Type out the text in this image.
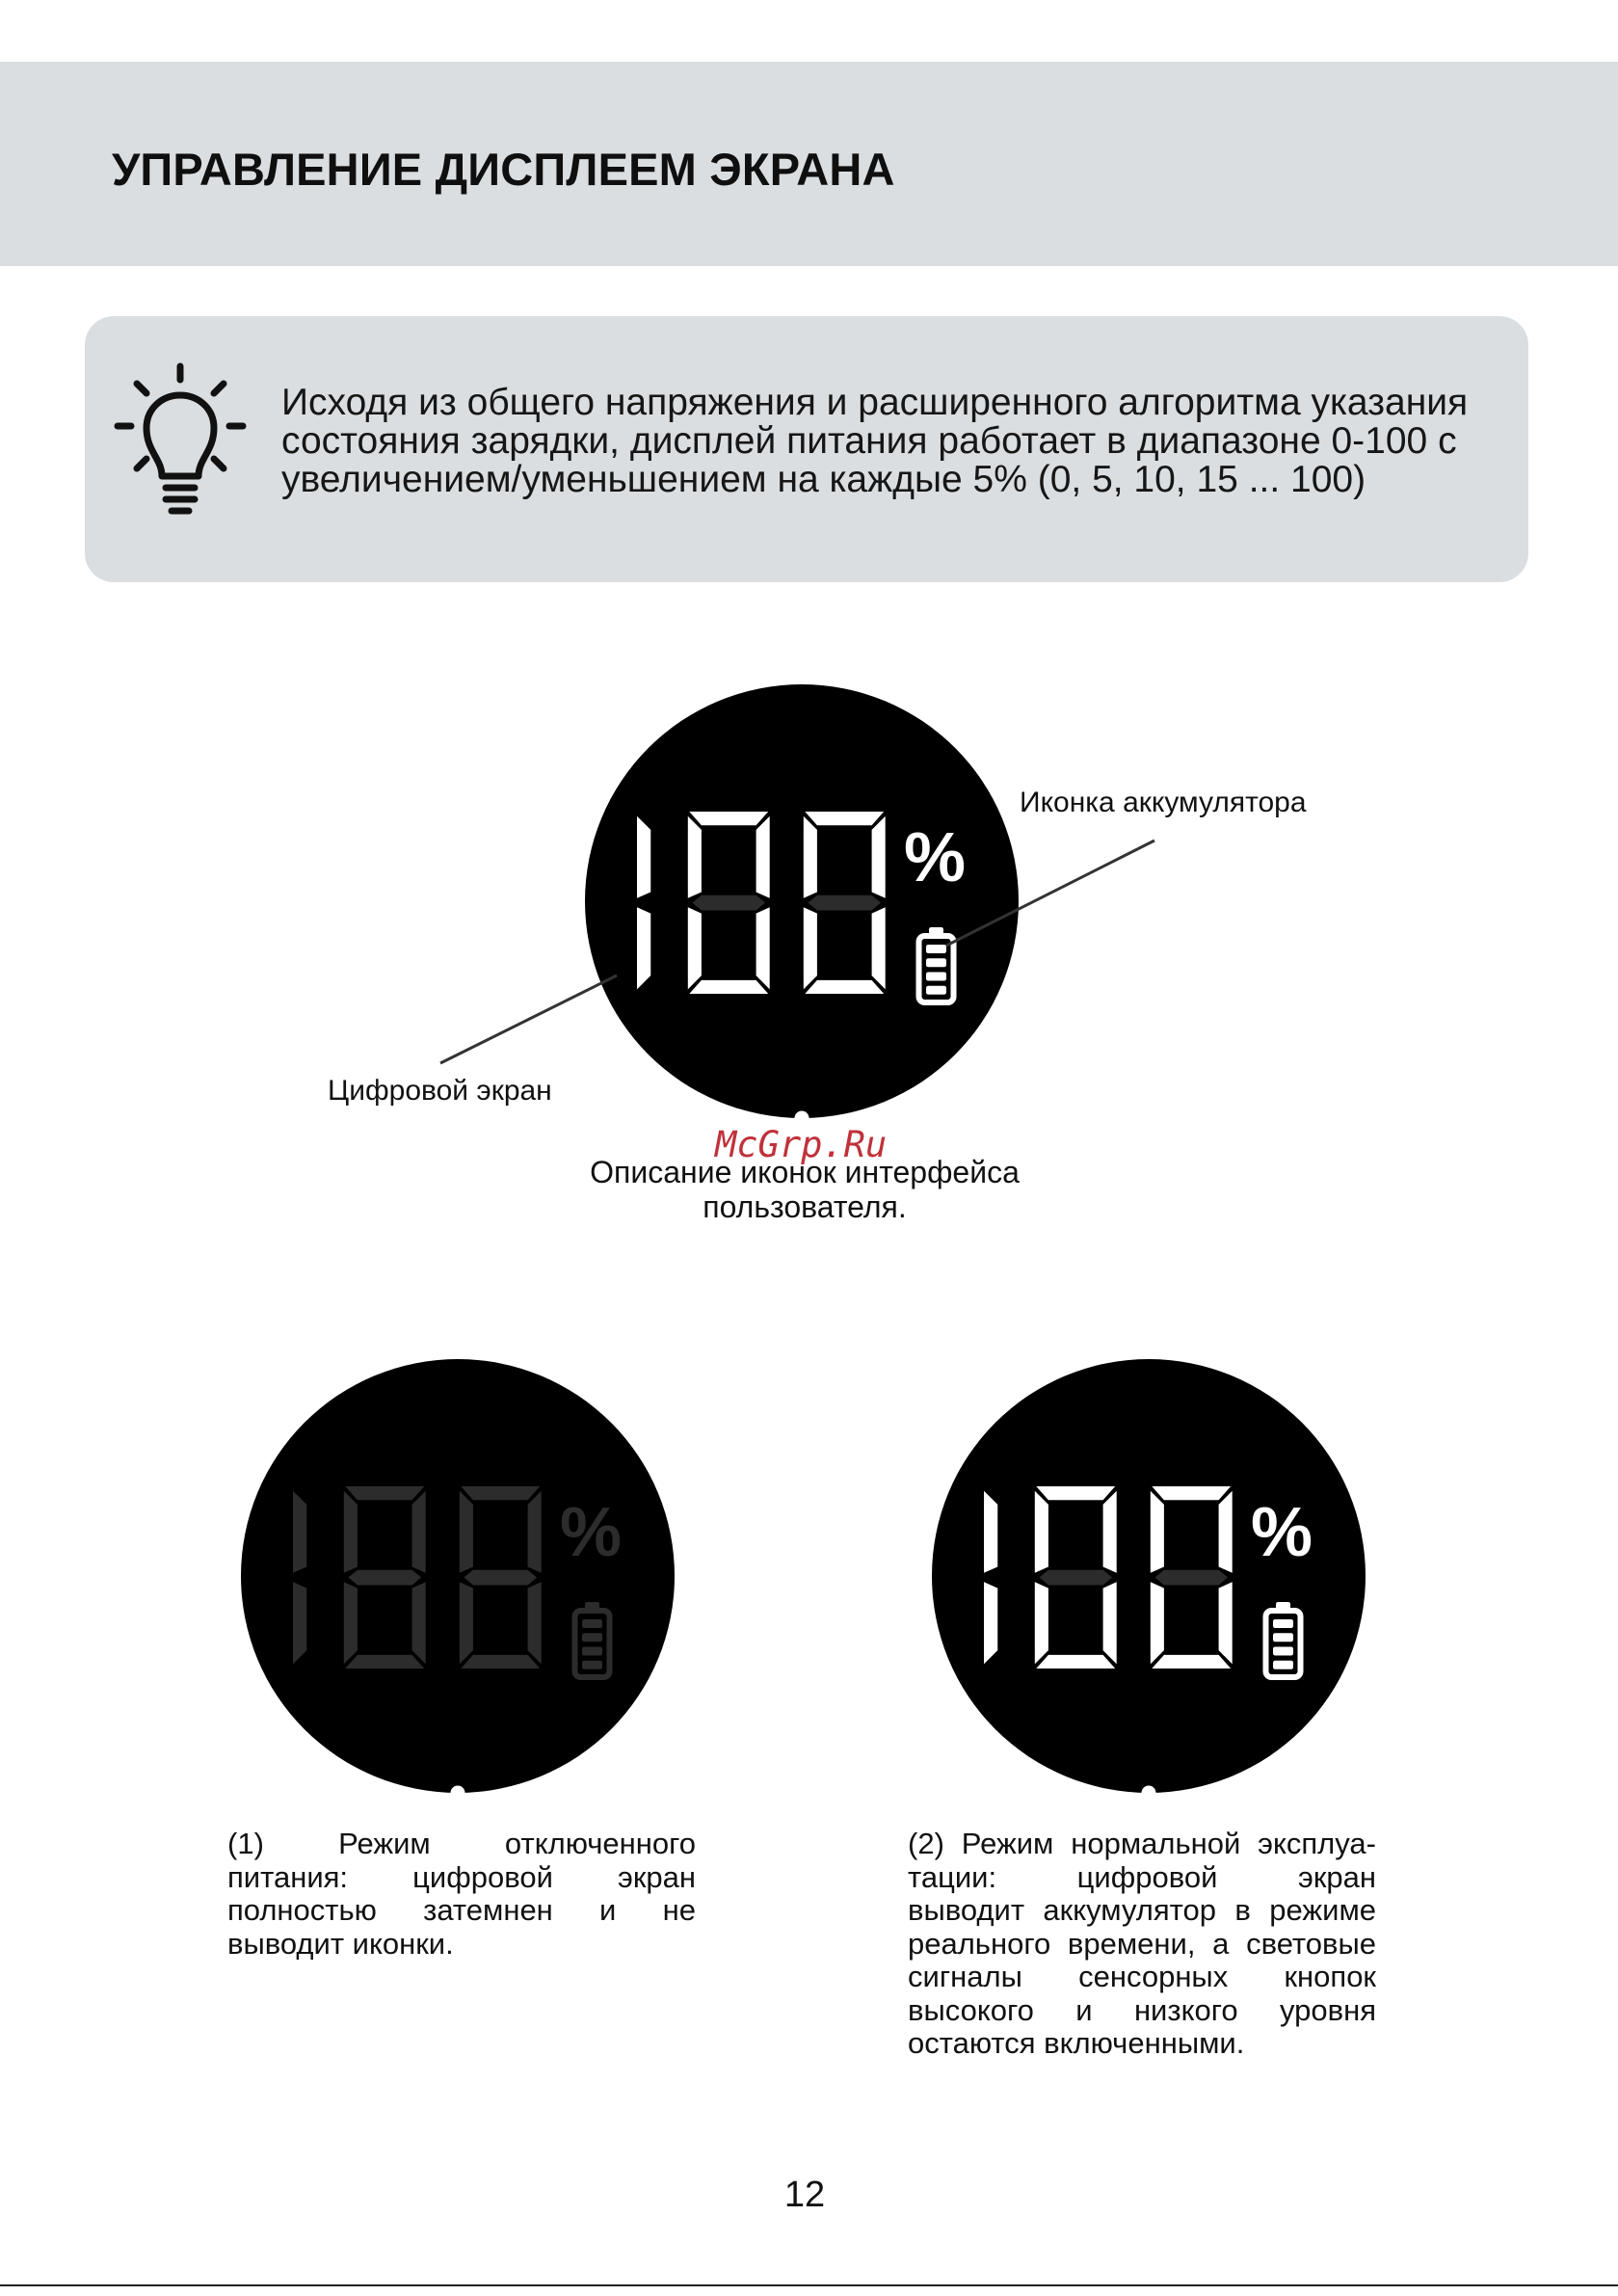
УПРАВЛЕНИЕ ДИСПЛЕЕМ ЭКРАНА
Исходя из общего напряжения и расширенного алгоритма указания
состояния зарядки, дисплей питания работает в диапазоне 0-100 с
увеличением/уменьшением на каждые 5% (0, 5, 10, 15 ... 100)
%
Иконка аккумулятора
Цифровой экран
McGrp.Ru
Описание иконок интерфейса
пользователя.
%	%
(1) Режим отключенного
питания: цифровой экран
полностью затемнен и не
выводит иконки.
(2) Режим нормальной эксплуа-
тации: цифровой экран
выводит аккумулятор в режиме
реального времени, а световые
сигналы сенсорных кнопок
высокого и низкого уровня
остаются включенными.
12
